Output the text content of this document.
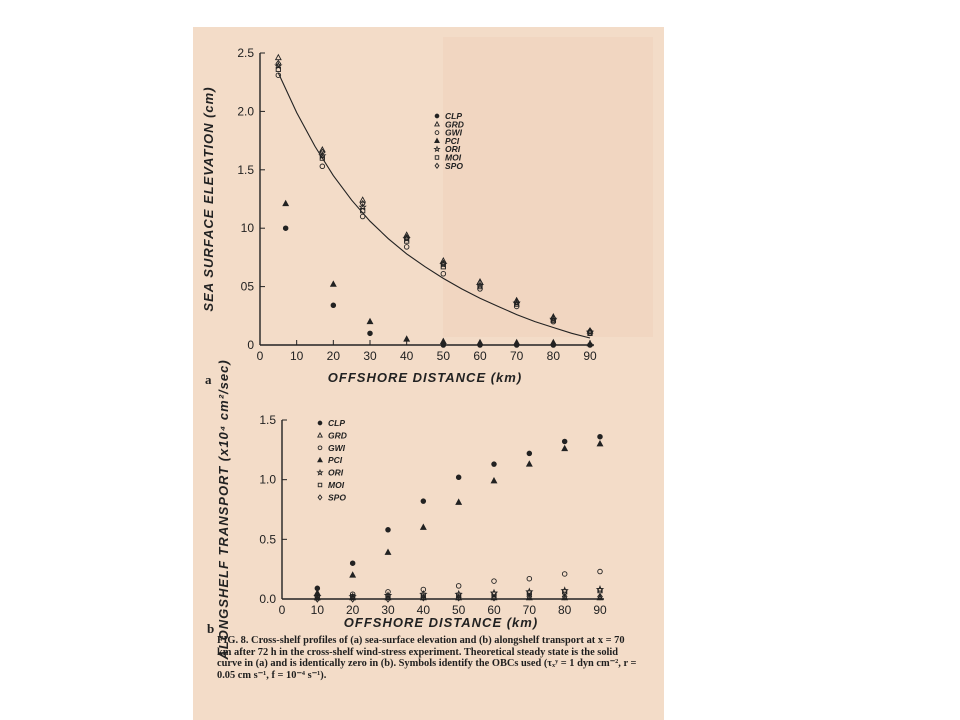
0 10 20 30 40 50 60 70 80 90
0
05
10
1.5
2.0
2.5
OFFSHORE DISTANCE (km)
SEA SURFACE ELEVATION (cm)
a
CLP
GRD
GWI
PCI
ORI
MOI
SPO
0 10 20 30 40 50 60 70 80 90
0.0
0.5
1.0
1.5
OFFSHORE DISTANCE (km)
ALONGSHELF TRANSPORT (x10⁴ cm²/sec)
b
CLP
GRD
GWI
PCI
ORI
MOI
SPO
FIG. 8. Cross-shelf profiles of (a) sea-surface elevation and (b) alongshelf transport at x = 70 km after 72 h in the cross-shelf wind-stress experiment. Theoretical steady state is the solid curve in (a) and is identically zero in (b). Symbols identify the OBCs used (τₓʸ = 1 dyn cm⁻², r = 0.05 cm s⁻¹, f = 10⁻⁴ s⁻¹).
